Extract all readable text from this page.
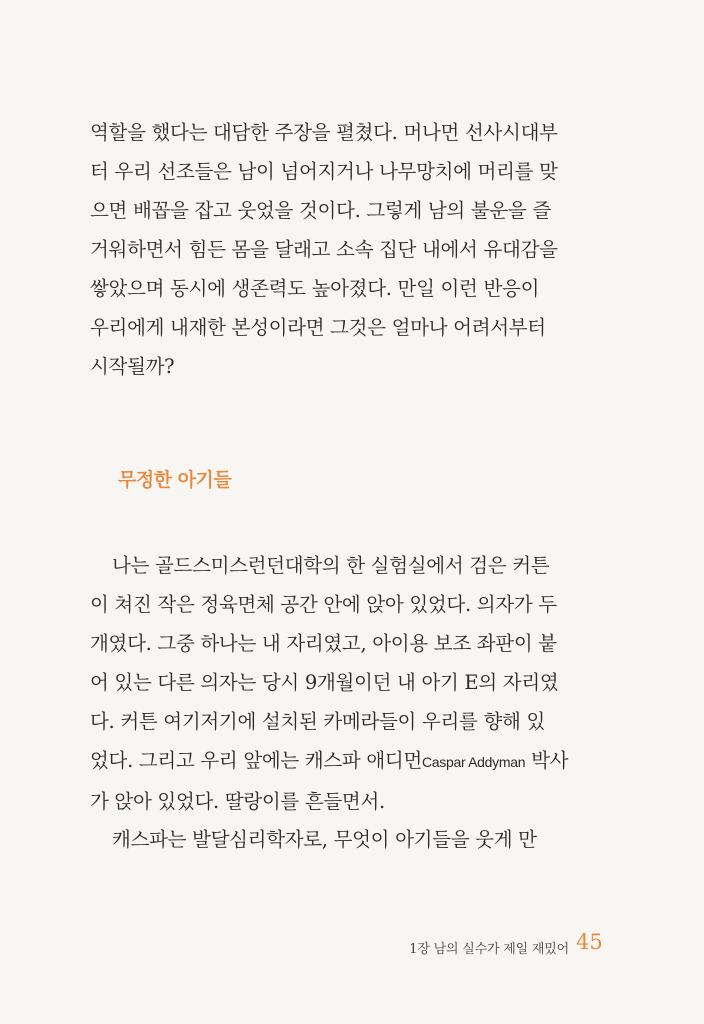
역할을 했다는 대담한 주장을 펼쳤다. 머나먼 선사시대부
터 우리 선조들은 남이 넘어지거나 나무망치에 머리를 맞
으면 배꼽을 잡고 웃었을 것이다. 그렇게 남의 불운을 즐
거워하면서 힘든 몸을 달래고 소속 집단 내에서 유대감을
쌓았으며 동시에 생존력도 높아졌다. 만일 이런 반응이
우리에게 내재한 본성이라면 그것은 얼마나 어려서부터
시작될까?

무정한 아기들

나는 골드스미스런던대학의 한 실험실에서 검은 커튼
이 쳐진 작은 정육면체 공간 안에 앉아 있었다. 의자가 두
개였다. 그중 하나는 내 자리였고, 아이용 보조 좌판이 붙
어 있는 다른 의자는 당시 9개월이던 내 아기 E의 자리였
다. 커튼 여기저기에 설치된 카메라들이 우리를 향해 있
었다. 그리고 우리 앞에는 캐스파 애디먼Caspar Addyman 박사
가 앉아 있었다. 딸랑이를 흔들면서.

캐스파는 발달심리학자로, 무엇이 아기들을 웃게 만

1장 남의 실수가 제일 재밌어 45
